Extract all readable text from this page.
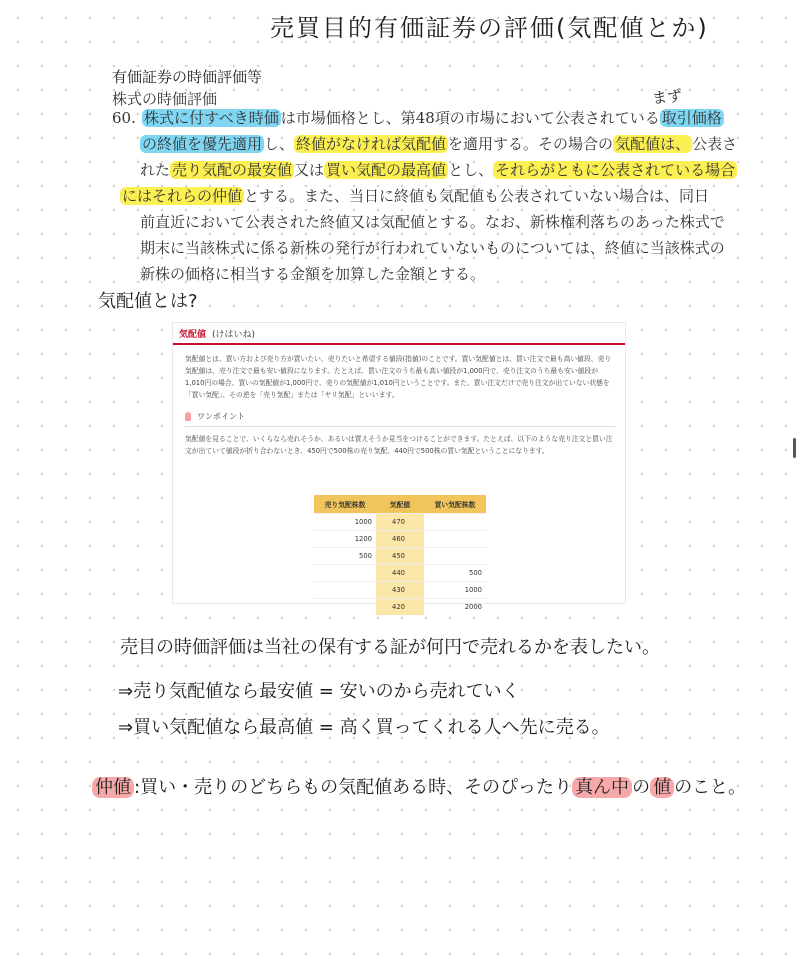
売買目的有価証券の評価(気配値とか)
有価証券の時価評価等
株式の時価評価
60. 株式に付すべき時価 は市場価格とし、第48項の市場において公表されている 取引価格
の終値を優先適用 し、 終値がなければ気配値 を適用する。その場合の 気配値は、 公表さ
れた 売り気配の最安値 又は 買い気配の最高値 とし、 それらがともに公表されている場合
にはそれらの仲値 とする。また、当日に終値も気配値も公表されていない場合は、同日
前直近において公表された終値又は気配値とする。なお、新株権利落ちのあった株式で
期末に当該株式に係る新株の発行が行われていないものについては、終値に当該株式の
新株の価格に相当する金額を加算した金額とする。
まず
気配値とは?
気配値 (けはいね)
気配値とは、買い方および売り方が買いたい、売りたいと希望する値段(指値)のことです。買い気配値とは、買い注文で最も高い値段、売り気配値は、売り注文で最も安い値段になります。たとえば、買い注文のうち最も高い値段が1,000円で、売り注文のうち最も安い値段が1,010円の場合、買いの気配値が1,000円で、売りの気配値が1,010円ということです。また、買い注文だけで売り注文が出ていない状態を「買い気配」、その逆を「売り気配」または「ヤリ気配」といいます。
ワンポイント
気配値を見ることで、いくらなら売れそうか、あるいは買えそうか見当をつけることができます。たとえば、以下のような売り注文と買い注文が出ていて値段が折り合わないとき、450円で500株の売り気配、440円で500株の買い気配ということになります。
売り気配株数	気配値	買い気配株数
1000	470	
1200	460	
500	450	
	440	500
	430	1000
	420	2000
売目の時価評価は当社の保有する証が何円で売れるかを表したい。
⇒売り気配値なら最安値 = 安いのから売れていく
⇒買い気配値なら最高値 = 高く買ってくれる人へ先に売る。
仲値 :買い・売りのどちらもの気配値ある時、そのぴったり 真ん中 の 値 のこと。
